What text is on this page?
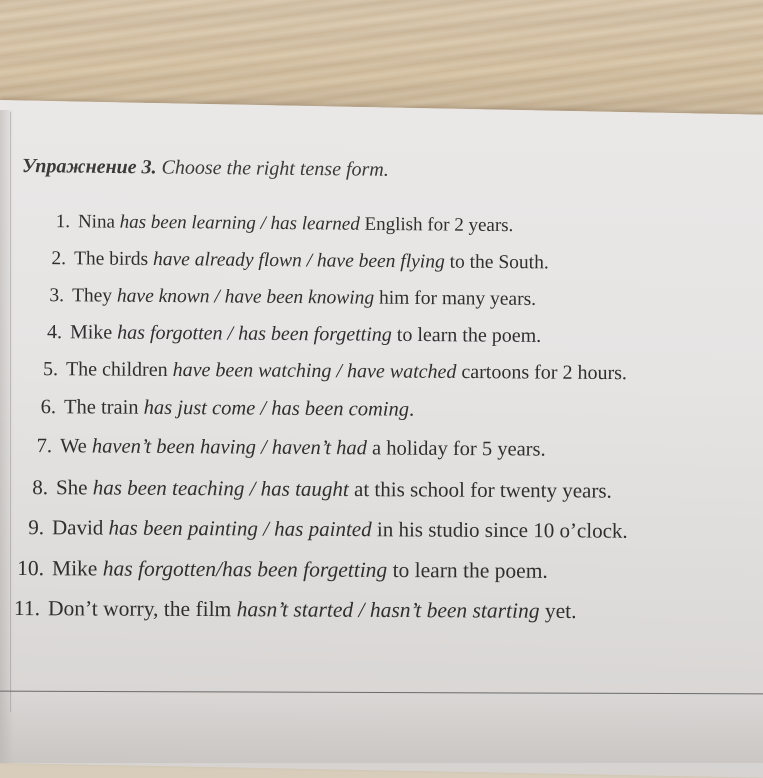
Упражнение 3. Choose the right tense form.
1. Nina has been learning / has learned English for 2 years.
2. The birds have already flown / have been flying to the South.
3. They have known / have been knowing him for many years.
4. Mike has forgotten / has been forgetting to learn the poem.
5. The children have been watching / have watched cartoons for 2 hours.
6. The train has just come / has been coming.
7. We haven’t been having / haven’t had a holiday for 5 years.
8. She has been teaching / has taught at this school for twenty years.
9. David has been painting / has painted in his studio since 10 o’clock.
10. Mike has forgotten/has been forgetting to learn the poem.
11. Don’t worry, the film hasn’t started / hasn’t been starting yet.
